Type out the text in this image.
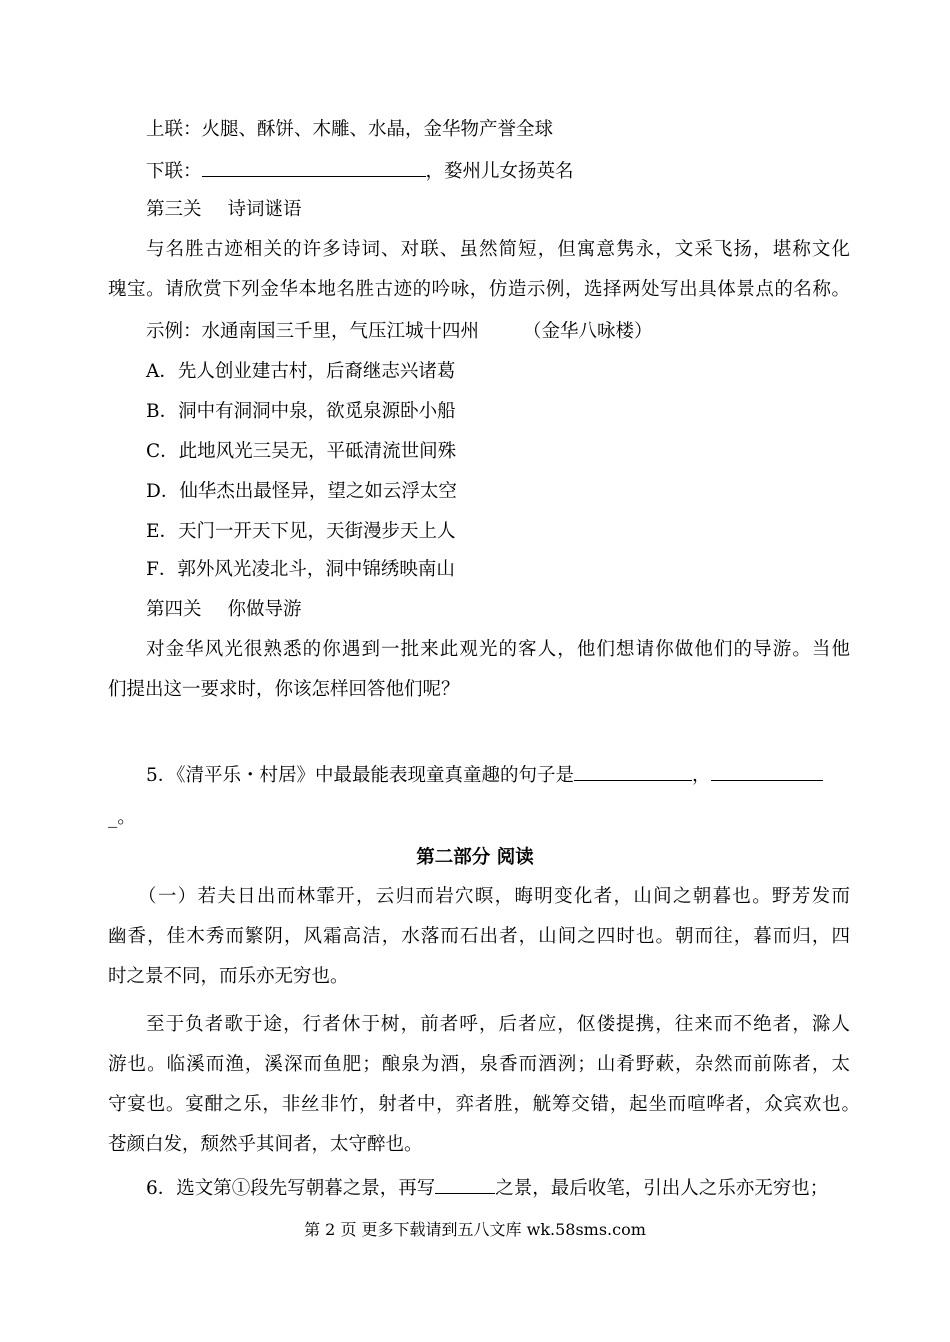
上联：火腿、酥饼、木雕、水晶，金华物产誉全球
下联：	，婺州儿女扬英名
第三关 诗词谜语
与名胜古迹相关的许多诗词、对联、虽然简短，但寓意隽永，文采飞扬，堪称文化
瑰宝。请欣赏下列金华本地名胜古迹的吟咏，仿造示例，选择两处写出具体景点的名称。
示例：水通南国三千里，气压江城十四州 （金华八咏楼）
A．先人创业建古村，后裔继志兴诸葛
B．洞中有洞洞中泉，欲觅泉源卧小船
C．此地风光三吴无，平砥清流世间殊
D．仙华杰出最怪异，望之如云浮太空
E．天门一开天下见，天街漫步天上人
F．郭外风光凌北斗，洞中锦绣映南山
第四关 你做导游
对金华风光很熟悉的你遇到一批来此观光的客人，他们想请你做他们的导游。当他
们提出这一要求时，你该怎样回答他们呢？
5．《清平乐・村居》中最最能表现童真童趣的句子是	，
_。
第二部分 阅读
（一）若夫日出而林霏开，云归而岩穴暝，晦明变化者，山间之朝暮也。野芳发而
幽香，佳木秀而繁阴，风霜高洁，水落而石出者，山间之四时也。朝而往，暮而归，四
时之景不同，而乐亦无穷也。
至于负者歌于途，行者休于树，前者呼，后者应，伛偻提携，往来而不绝者，滁人
游也。临溪而渔，溪深而鱼肥；酿泉为酒，泉香而酒洌；山肴野蔌，杂然而前陈者，太
守宴也。宴酣之乐，非丝非竹，射者中，弈者胜，觥筹交错，起坐而喧哗者，众宾欢也。
苍颜白发，颓然乎其间者，太守醉也。
6．选文第①段先写朝暮之景，再写	之景，最后收笔，引出人之乐亦无穷也；
第 2 页 更多下载请到五八文库 wk.58sms.com
